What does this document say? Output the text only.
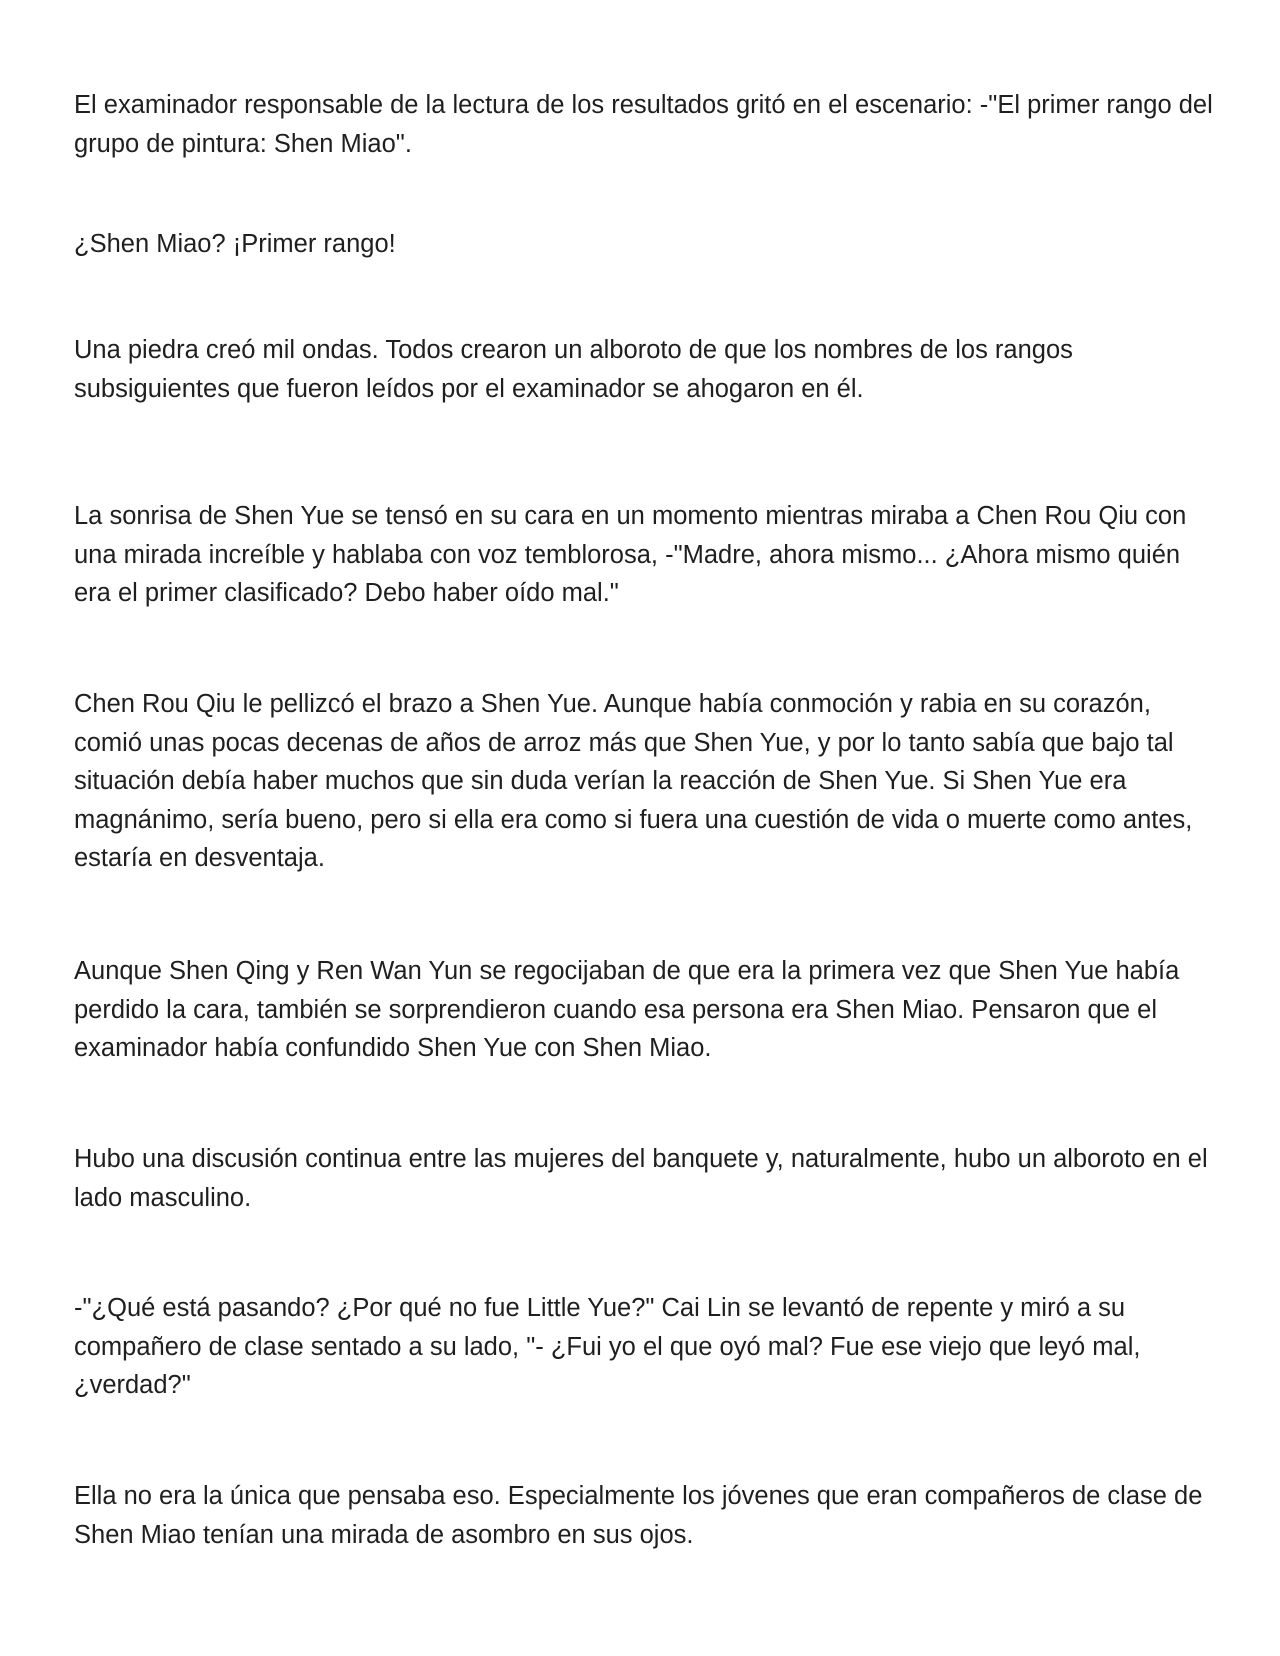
El examinador responsable de la lectura de los resultados gritó en el escenario: -"El primer rango del grupo de pintura: Shen Miao".

¿Shen Miao? ¡Primer rango!

Una piedra creó mil ondas. Todos crearon un alboroto de que los nombres de los rangos subsiguientes que fueron leídos por el examinador se ahogaron en él.

La sonrisa de Shen Yue se tensó en su cara en un momento mientras miraba a Chen Rou Qiu con una mirada increíble y hablaba con voz temblorosa, -"Madre, ahora mismo... ¿Ahora mismo quién era el primer clasificado? Debo haber oído mal."

Chen Rou Qiu le pellizcó el brazo a Shen Yue. Aunque había conmoción y rabia en su corazón, comió unas pocas decenas de años de arroz más que Shen Yue, y por lo tanto sabía que bajo tal situación debía haber muchos que sin duda verían la reacción de Shen Yue. Si Shen Yue era magnánimo, sería bueno, pero si ella era como si fuera una cuestión de vida o muerte como antes, estaría en desventaja.

Aunque Shen Qing y Ren Wan Yun se regocijaban de que era la primera vez que Shen Yue había perdido la cara, también se sorprendieron cuando esa persona era Shen Miao. Pensaron que el examinador había confundido Shen Yue con Shen Miao.

Hubo una discusión continua entre las mujeres del banquete y, naturalmente, hubo un alboroto en el lado masculino.

-"¿Qué está pasando? ¿Por qué no fue Little Yue?" Cai Lin se levantó de repente y miró a su compañero de clase sentado a su lado, "- ¿Fui yo el que oyó mal? Fue ese viejo que leyó mal, ¿verdad?"

Ella no era la única que pensaba eso. Especialmente los jóvenes que eran compañeros de clase de Shen Miao tenían una mirada de asombro en sus ojos.
